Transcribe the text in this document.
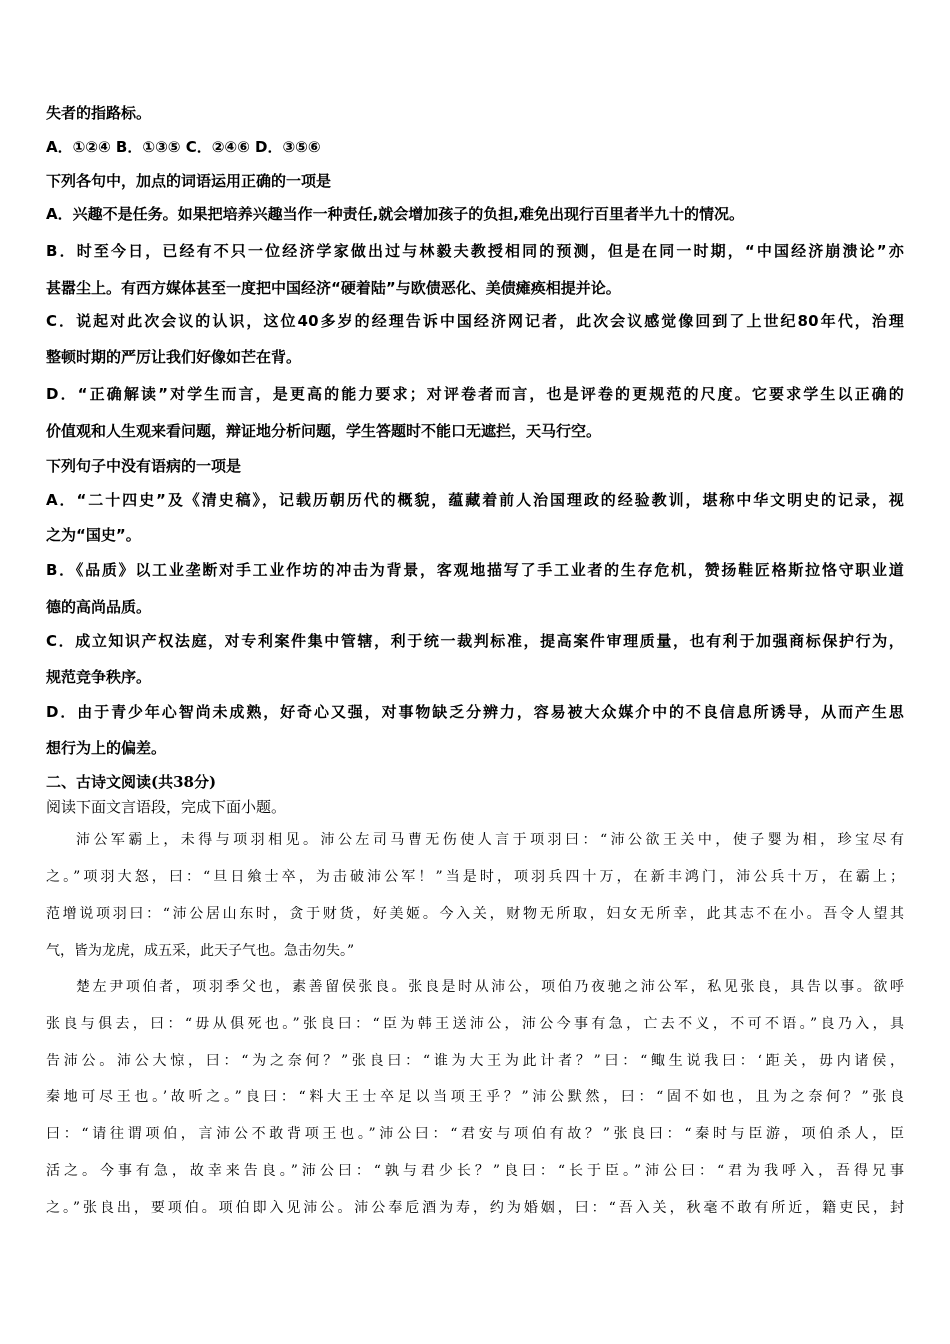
失者的指路标。
A．①②④ B．①③⑤ C．②④⑥ D．③⑤⑥
下列各句中，加点的词语运用正确的一项是
A．兴趣不是任务。如果把培养兴趣当作一种责任,就会增加孩子的负担,难免出现行百里者半九十的情况。
B．时至今日，已经有不只一位经济学家做出过与林毅夫教授相同的预测，但是在同一时期，“中国经济崩溃论”亦
甚嚣尘上。有西方媒体甚至一度把中国经济“硬着陆”与欧债恶化、美债瘫痪相提并论。
C．说起对此次会议的认识，这位40多岁的经理告诉中国经济网记者，此次会议感觉像回到了上世纪80年代，治理
整顿时期的严厉让我们好像如芒在背。
D．“正确解读”对学生而言，是更高的能力要求；对评卷者而言，也是评卷的更规范的尺度。它要求学生以正确的
价值观和人生观来看问题，辩证地分析问题，学生答题时不能口无遮拦，天马行空。
下列句子中没有语病的一项是
A．“二十四史”及《清史稿》，记载历朝历代的概貌，蕴藏着前人治国理政的经验教训，堪称中华文明史的记录，视
之为“国史”。
B．《品质》以工业垄断对手工业作坊的冲击为背景，客观地描写了手工业者的生存危机，赞扬鞋匠格斯拉恪守职业道
德的高尚品质。
C．成立知识产权法庭，对专利案件集中管辖，利于统一裁判标准，提高案件审理质量，也有利于加强商标保护行为，
规范竞争秩序。
D．由于青少年心智尚未成熟，好奇心又强，对事物缺乏分辨力，容易被大众媒介中的不良信息所诱导，从而产生思
想行为上的偏差。
二、古诗文阅读(共38分)
阅读下面文言语段，完成下面小题。
沛公军霸上，未得与项羽相见。沛公左司马曹无伤使人言于项羽曰：“沛公欲王关中，使子婴为相，珍宝尽有
之。”项羽大怒，曰：“旦日飨士卒，为击破沛公军！”当是时，项羽兵四十万，在新丰鸿门，沛公兵十万，在霸上；
范增说项羽曰：“沛公居山东时，贪于财货，好美姬。今入关，财物无所取，妇女无所幸，此其志不在小。吾令人望其
气，皆为龙虎，成五采，此天子气也。急击勿失。”
楚左尹项伯者，项羽季父也，素善留侯张良。张良是时从沛公，项伯乃夜驰之沛公军，私见张良，具告以事。欲呼
张良与俱去，曰：“毋从俱死也。”张良曰：“臣为韩王送沛公，沛公今事有急，亡去不义，不可不语。”良乃入，具
告沛公。沛公大惊，曰：“为之奈何？”张良曰：“谁为大王为此计者？”曰：“鲰生说我曰：‘距关，毋内诸侯，
秦地可尽王也。’故听之。”良曰：“料大王士卒足以当项王乎？”沛公默然，曰：“固不如也，且为之奈何？”张良
曰：“请往谓项伯，言沛公不敢背项王也。”沛公曰：“君安与项伯有故？”张良曰：“秦时与臣游，项伯杀人，臣
活之。今事有急，故幸来告良。”沛公曰：“孰与君少长？”良曰：“长于臣。”沛公曰：“君为我呼入，吾得兄事
之。”张良出，要项伯。项伯即入见沛公。沛公奉卮酒为寿，约为婚姻，曰：“吾入关，秋毫不敢有所近，籍吏民，封
